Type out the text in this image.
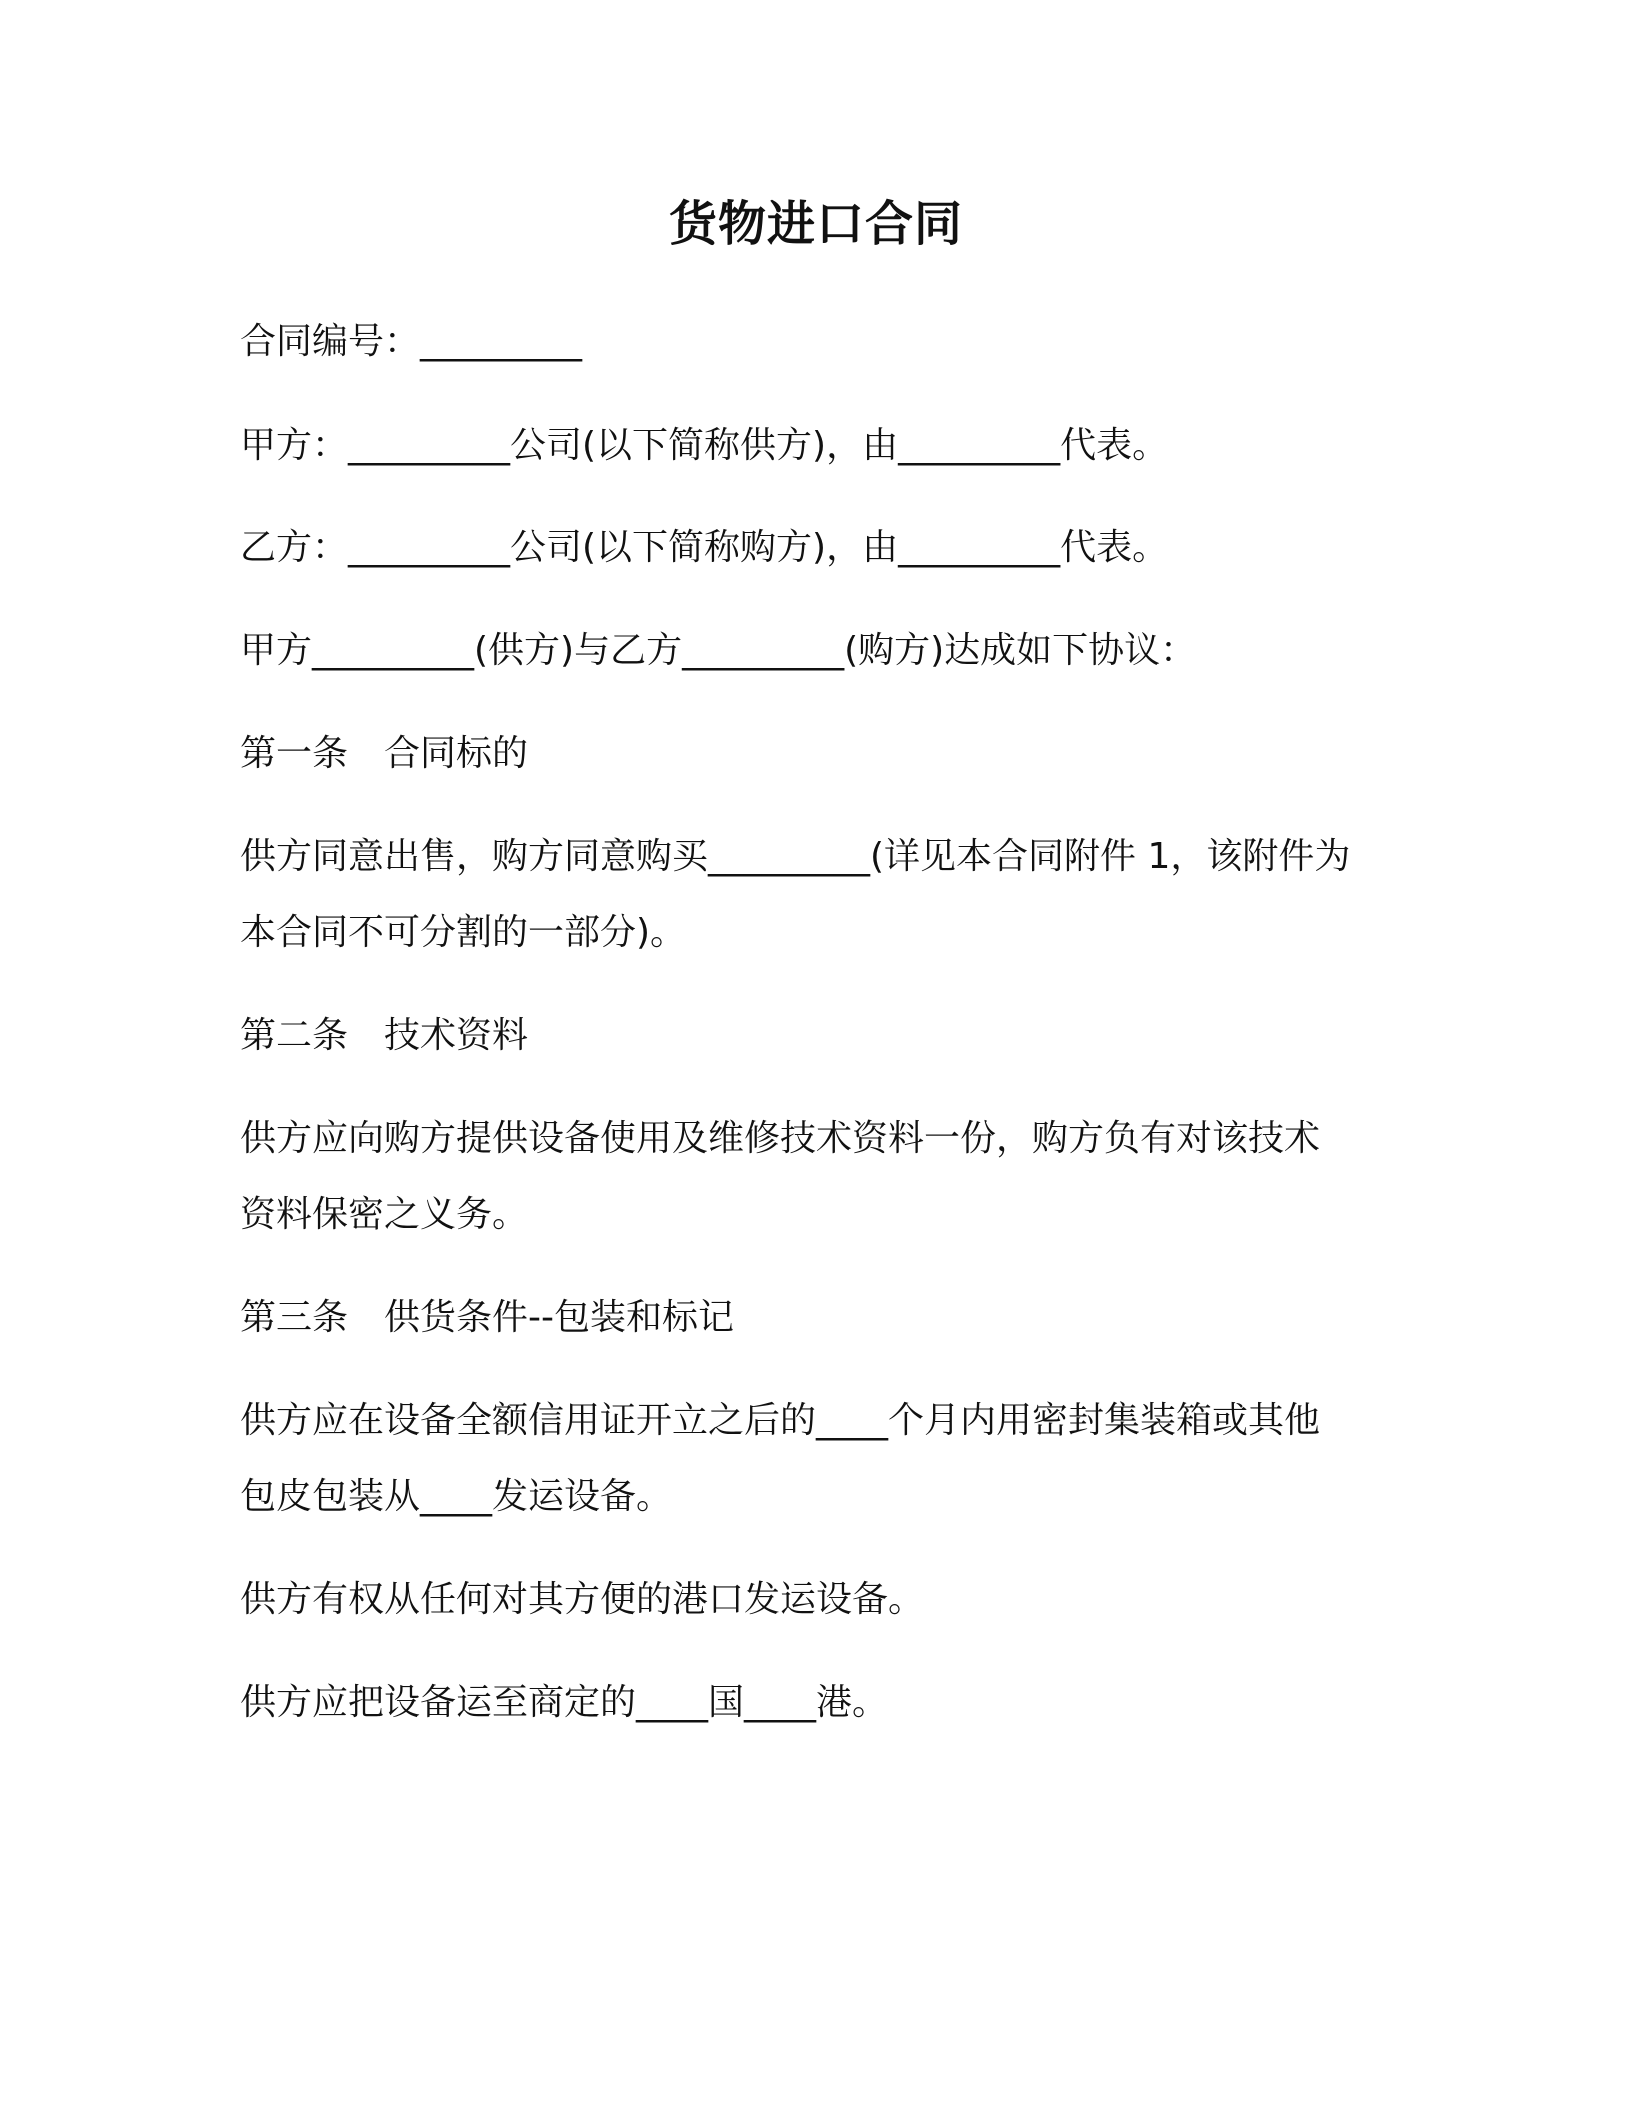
货物进口合同
合同编号：_________
甲方：_________公司(以下简称供方)，由_________代表。
乙方：_________公司(以下简称购方)，由_________代表。
甲方_________(供方)与乙方_________(购方)达成如下协议：
第一条　合同标的
供方同意出售，购方同意购买_________(详见本合同附件 1，该附件为
本合同不可分割的一部分)。
第二条　技术资料
供方应向购方提供设备使用及维修技术资料一份，购方负有对该技术
资料保密之义务。
第三条　供货条件--包装和标记
供方应在设备全额信用证开立之后的____个月内用密封集装箱或其他
包皮包装从____发运设备。
供方有权从任何对其方便的港口发运设备。
供方应把设备运至商定的____国____港。
